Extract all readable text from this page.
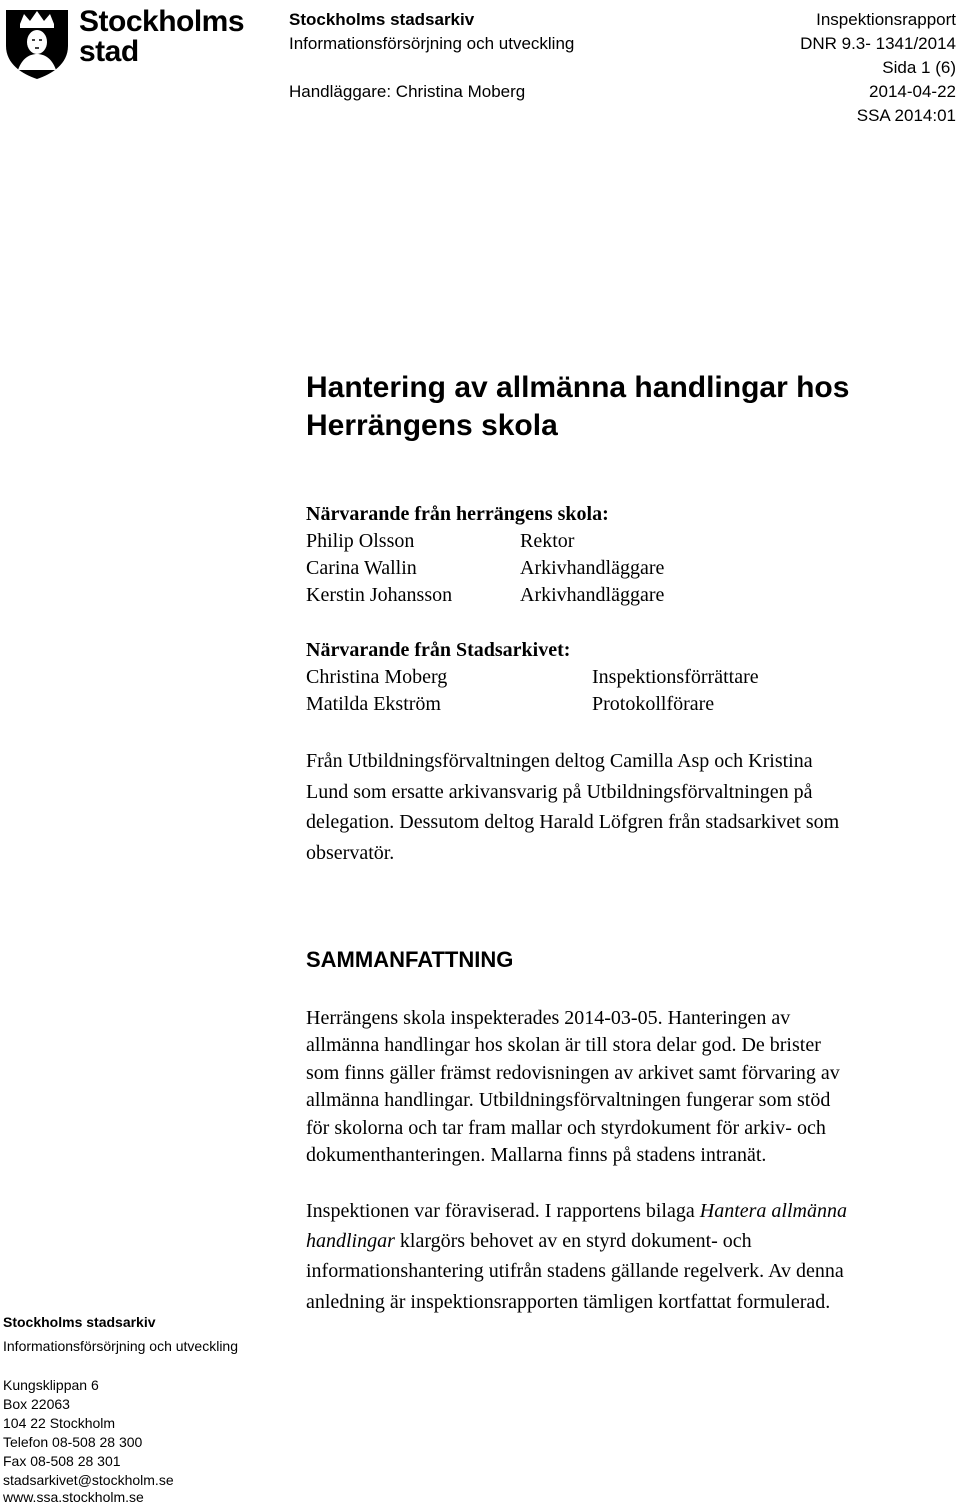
Stockholms
stad
Stockholms stadsarkiv
Informationsförsörjning och utveckling
Handläggare: Christina Moberg
Inspektionsrapport
DNR 9.3- 1341/2014
Sida 1 (6)
2014-04-22
SSA 2014:01
Hantering av allmänna handlingar hos
Herrängens skola
Närvarande från herrängens skola:
Philip Olsson	Rektor
Carina Wallin	Arkivhandläggare
Kerstin Johansson	Arkivhandläggare
Närvarande från Stadsarkivet:
Christina Moberg	Inspektionsförrättare
Matilda Ekström	Protokollförare
Från Utbildningsförvaltningen deltog Camilla Asp och Kristina
Lund som ersatte arkivansvarig på Utbildningsförvaltningen på
delegation. Dessutom deltog Harald Löfgren från stadsarkivet som
observatör.
SAMMANFATTNING
Herrängens skola inspekterades 2014-03-05. Hanteringen av
allmänna handlingar hos skolan är till stora delar god. De brister
som finns gäller främst redovisningen av arkivet samt förvaring av
allmänna handlingar. Utbildningsförvaltningen fungerar som stöd
för skolorna och tar fram mallar och styrdokument för arkiv- och
dokumenthanteringen. Mallarna finns på stadens intranät.
Inspektionen var föraviserad. I rapportens bilaga Hantera allmänna
handlingar klargörs behovet av en styrd dokument- och
informationshantering utifrån stadens gällande regelverk. Av denna
anledning är inspektionsrapporten tämligen kortfattat formulerad.
Stockholms stadsarkiv
Informationsförsörjning och utveckling
Kungsklippan 6
Box 22063
104 22 Stockholm
Telefon 08-508 28 300
Fax 08-508 28 301
stadsarkivet@stockholm.se
www.ssa.stockholm.se
